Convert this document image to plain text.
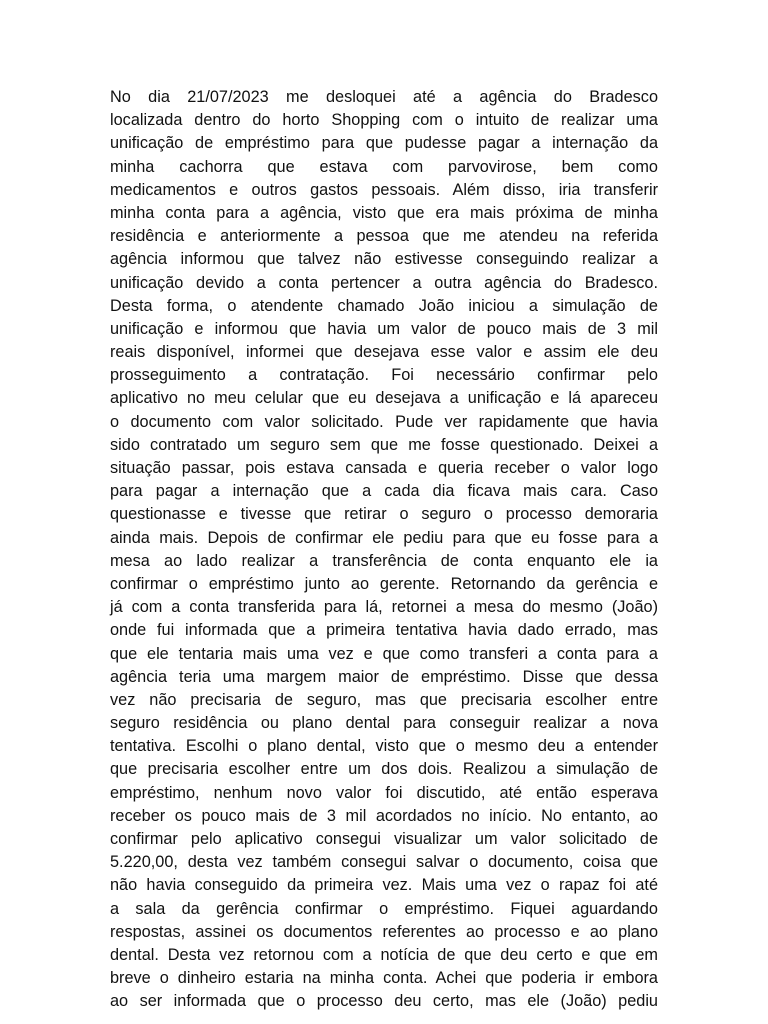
No dia 21/07/2023 me desloquei até a agência do Bradesco
localizada dentro do horto Shopping com o intuito de realizar uma
unificação de empréstimo para que pudesse pagar a internação da
minha cachorra que estava com parvovirose, bem como
medicamentos e outros gastos pessoais. Além disso, iria transferir
minha conta para a agência, visto que era mais próxima de minha
residência e anteriormente a pessoa que me atendeu na referida
agência informou que talvez não estivesse conseguindo realizar a
unificação devido a conta pertencer a outra agência do Bradesco.
Desta forma, o atendente chamado João iniciou a simulação de
unificação e informou que havia um valor de pouco mais de 3 mil
reais disponível, informei que desejava esse valor e assim ele deu
prosseguimento a contratação. Foi necessário confirmar pelo
aplicativo no meu celular que eu desejava a unificação e lá apareceu
o documento com valor solicitado. Pude ver rapidamente que havia
sido contratado um seguro sem que me fosse questionado. Deixei a
situação passar, pois estava cansada e queria receber o valor logo
para pagar a internação que a cada dia ficava mais cara. Caso
questionasse e tivesse que retirar o seguro o processo demoraria
ainda mais. Depois de confirmar ele pediu para que eu fosse para a
mesa ao lado realizar a transferência de conta enquanto ele ia
confirmar o empréstimo junto ao gerente. Retornando da gerência e
já com a conta transferida para lá, retornei a mesa do mesmo (João)
onde fui informada que a primeira tentativa havia dado errado, mas
que ele tentaria mais uma vez e que como transferi a conta para a
agência teria uma margem maior de empréstimo. Disse que dessa
vez não precisaria de seguro, mas que precisaria escolher entre
seguro residência ou plano dental para conseguir realizar a nova
tentativa. Escolhi o plano dental, visto que o mesmo deu a entender
que precisaria escolher entre um dos dois. Realizou a simulação de
empréstimo, nenhum novo valor foi discutido, até então esperava
receber os pouco mais de 3 mil acordados no início. No entanto, ao
confirmar pelo aplicativo consegui visualizar um valor solicitado de
5.220,00, desta vez também consegui salvar o documento, coisa que
não havia conseguido da primeira vez. Mais uma vez o rapaz foi até
a sala da gerência confirmar o empréstimo. Fiquei aguardando
respostas, assinei os documentos referentes ao processo e ao plano
dental. Desta vez retornou com a notícia de que deu certo e que em
breve o dinheiro estaria na minha conta. Achei que poderia ir embora
ao ser informada que o processo deu certo, mas ele (João) pediu
